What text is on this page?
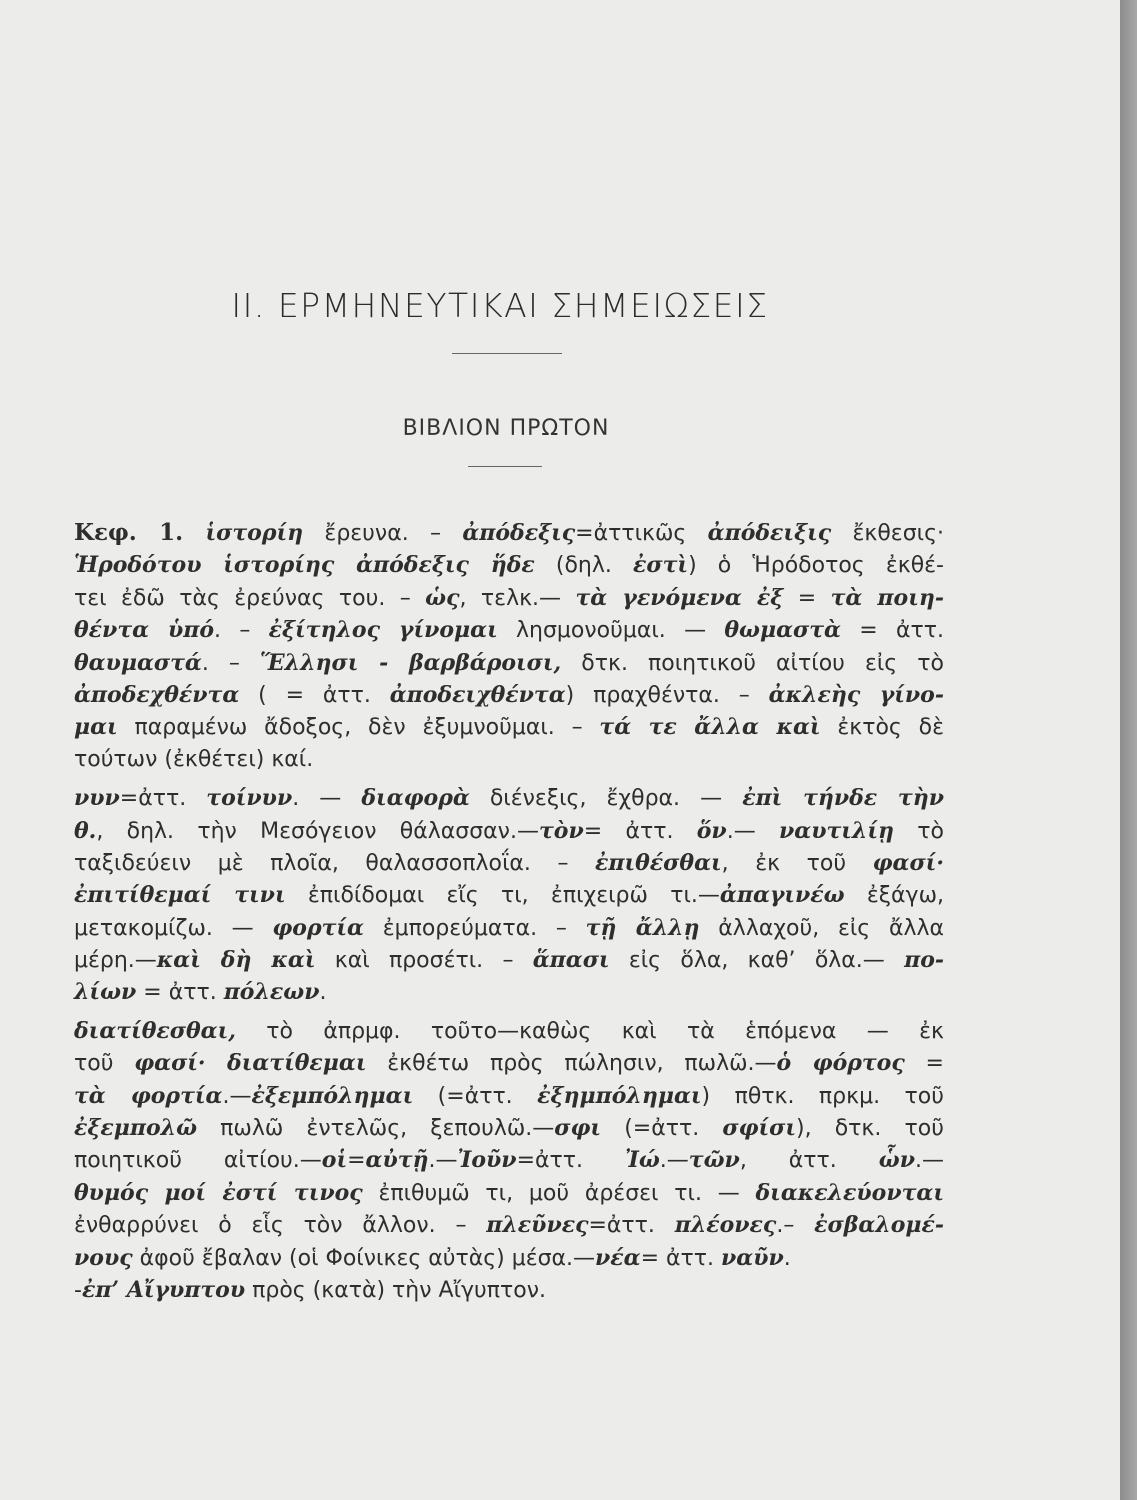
II. ΕΡΜΗΝΕΥΤΙΚΑΙ ΣΗΜΕΙΩΣΕΙΣ
ΒΙΒΛΙΟΝ ΠΡΩΤΟΝ
Κεφ. 1. ἱστορίη ἔρευνα. – ἀπόδεξις=ἀττικῶς ἀπόδειξις ἔκθεσις·
Ἡροδότου ἱστορίης ἀπόδεξις ἥδε (δηλ. ἐστὶ) ὁ Ἡρόδοτος ἐκθέ-
τει ἐδῶ τὰς ἐρεύνας του. – ὡς, τελκ.— τὰ γενόμενα ἐξ = τὰ ποιη-
θέντα ὑπό. – ἐξίτηλος γίνομαι λησμονοῦμαι. — θωμαστὰ = ἀττ.
θαυμαστά. – Ἕλλησι - βαρβάροισι, δτκ. ποιητικοῦ αἰτίου εἰς τὸ
ἀποδεχθέντα ( = ἀττ. ἀποδειχθέντα) πραχθέντα. – ἀκλεὴς γίνο-
μαι παραμένω ἄδοξος, δὲν ἐξυμνοῦμαι. – τά τε ἄλλα καὶ ἐκτὸς δὲ
τούτων (ἐκθέτει) καί.
νυν=ἀττ. τοίνυν. — διαφορὰ διένεξις, ἔχθρα. — ἐπὶ τήνδε τὴν
θ., δηλ. τὴν Μεσόγειον θάλασσαν.—τὸν= ἀττ. ὅν.— ναυτιλίῃ τὸ
ταξιδεύειν μὲ πλοῖα, θαλασσοπλοΐα. – ἐπιθέσθαι, ἐκ τοῦ φασί·
ἐπιτίθεμαί τινι ἐπιδίδομαι εἴς τι, ἐπιχειρῶ τι.—ἀπαγινέω ἐξάγω,
μετακομίζω. — φορτία ἐμπορεύματα. – τῇ ἄλλῃ ἀλλαχοῦ, εἰς ἄλλα
μέρη.—καὶ δὴ καὶ καὶ προσέτι. – ἅπασι εἰς ὅλα, καθ’ ὅλα.— πο-
λίων = ἀττ. πόλεων.
διατίθεσθαι, τὸ ἀπρμφ. τοῦτο—καθὼς καὶ τὰ ἑπόμενα — ἐκ
τοῦ φασί· διατίθεμαι ἐκθέτω πρὸς πώλησιν, πωλῶ.—ὁ φόρτος =
τὰ φορτία.—ἐξεμπόλημαι (=ἀττ. ἐξημπόλημαι) πθτκ. πρκμ. τοῦ
ἐξεμπολῶ πωλῶ ἐντελῶς, ξεπουλῶ.—σφι (=ἀττ. σφίσι), δτκ. τοῦ
ποιητικοῦ αἰτίου.—οἱ=αὐτῇ.—Ἰοῦν=ἀττ. Ἰώ.—τῶν, ἀττ. ὧν.—
θυμός μοί ἐστί τινος ἐπιθυμῶ τι, μοῦ ἀρέσει τι. — διακελεύονται
ἐνθαρρύνει ὁ εἷς τὸν ἄλλον. – πλεῦνες=ἀττ. πλέονες.– ἐσβαλομέ-
νους ἀφοῦ ἔβαλαν (οἱ Φοίνικες αὐτὰς) μέσα.—νέα= ἀττ. ναῦν.
-ἐπ’ Αἴγυπτου πρὸς (κατὰ) τὴν Αἴγυπτον.
